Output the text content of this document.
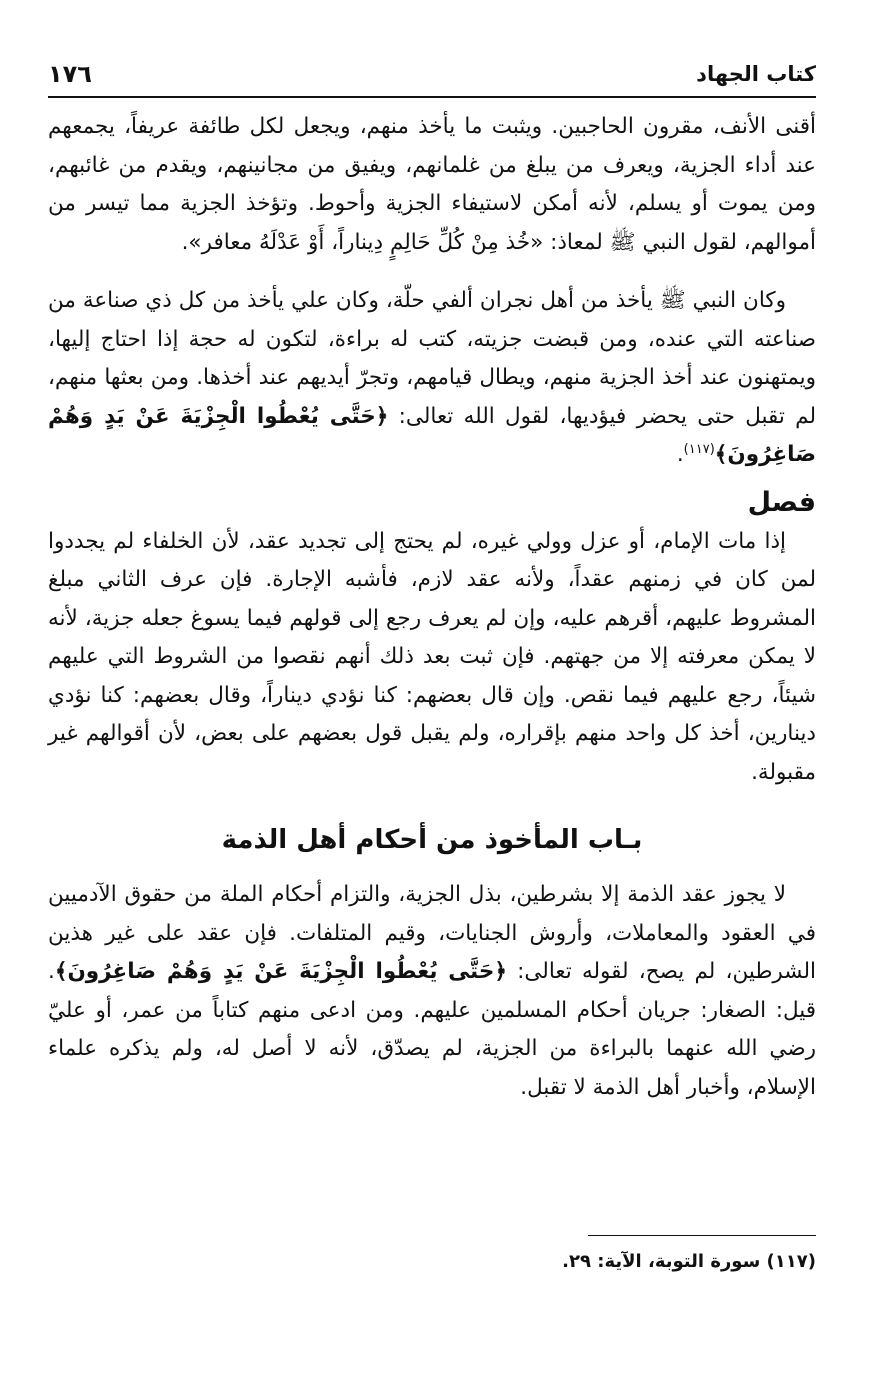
كتاب الجهاد
١٧٦

أقنى الأنف، مقرون الحاجبين. ويثبت ما يأخذ منهم، ويجعل لكل طائفة عريفاً، يجمعهم عند أداء الجزية، ويعرف من يبلغ من غلمانهم، ويفيق من مجانينهم، ويقدم من غائبهم، ومن يموت أو يسلم، لأنه أمكن لاستيفاء الجزية وأحوط. وتؤخذ الجزية مما تيسر من أموالهم، لقول النبي ﷺ لمعاذ: «خُذ مِنْ كُلِّ حَالِمٍ دِيناراً، أَوْ عَدْلَهُ معافر».

وكان النبي ﷺ يأخذ من أهل نجران ألفي حلّة، وكان علي يأخذ من كل ذي صناعة من صناعته التي عنده، ومن قبضت جزيته، كتب له براءة، لتكون له حجة إذا احتاج إليها، ويمتهنون عند أخذ الجزية منهم، ويطال قيامهم، وتجرّ أيديهم عند أخذها. ومن بعثها منهم، لم تقبل حتى يحضر فيؤديها، لقول الله تعالى: ﴿حَتَّى يُعْطُوا الْجِزْيَةَ عَنْ يَدٍ وَهُمْ صَاغِرُونَ﴾$^{(١١٧)}$.

فصل

إذا مات الإمام، أو عزل وولي غيره، لم يحتج إلى تجديد عقد، لأن الخلفاء لم يجددوا لمن كان في زمنهم عقداً، ولأنه عقد لازم، فأشبه الإجارة. فإن عرف الثاني مبلغ المشروط عليهم، أقرهم عليه، وإن لم يعرف رجع إلى قولهم فيما يسوغ جعله جزية، لأنه لا يمكن معرفته إلا من جهتهم. فإن ثبت بعد ذلك أنهم نقصوا من الشروط التي عليهم شيئاً، رجع عليهم فيما نقص. وإن قال بعضهم: كنا نؤدي ديناراً، وقال بعضهم: كنا نؤدي دينارين، أخذ كل واحد منهم بإقراره، ولم يقبل قول بعضهم على بعض، لأن أقوالهم غير مقبولة.

بـاب المأخوذ من أحكام أهل الذمة

لا يجوز عقد الذمة إلا بشرطين، بذل الجزية، والتزام أحكام الملة من حقوق الآدميين في العقود والمعاملات، وأروش الجنايات، وقيم المتلفات. فإن عقد على غير هذين الشرطين، لم يصح، لقوله تعالى: ﴿حَتَّى يُعْطُوا الْجِزْيَةَ عَنْ يَدٍ وَهُمْ صَاغِرُونَ﴾. قيل: الصغار: جريان أحكام المسلمين عليهم. ومن ادعى منهم كتاباً من عمر، أو عليّ رضي الله عنهما بالبراءة من الجزية، لم يصدّق، لأنه لا أصل له، ولم يذكره علماء الإسلام، وأخبار أهل الذمة لا تقبل.

(١١٧) سورة التوبة، الآية: ٢٩.
